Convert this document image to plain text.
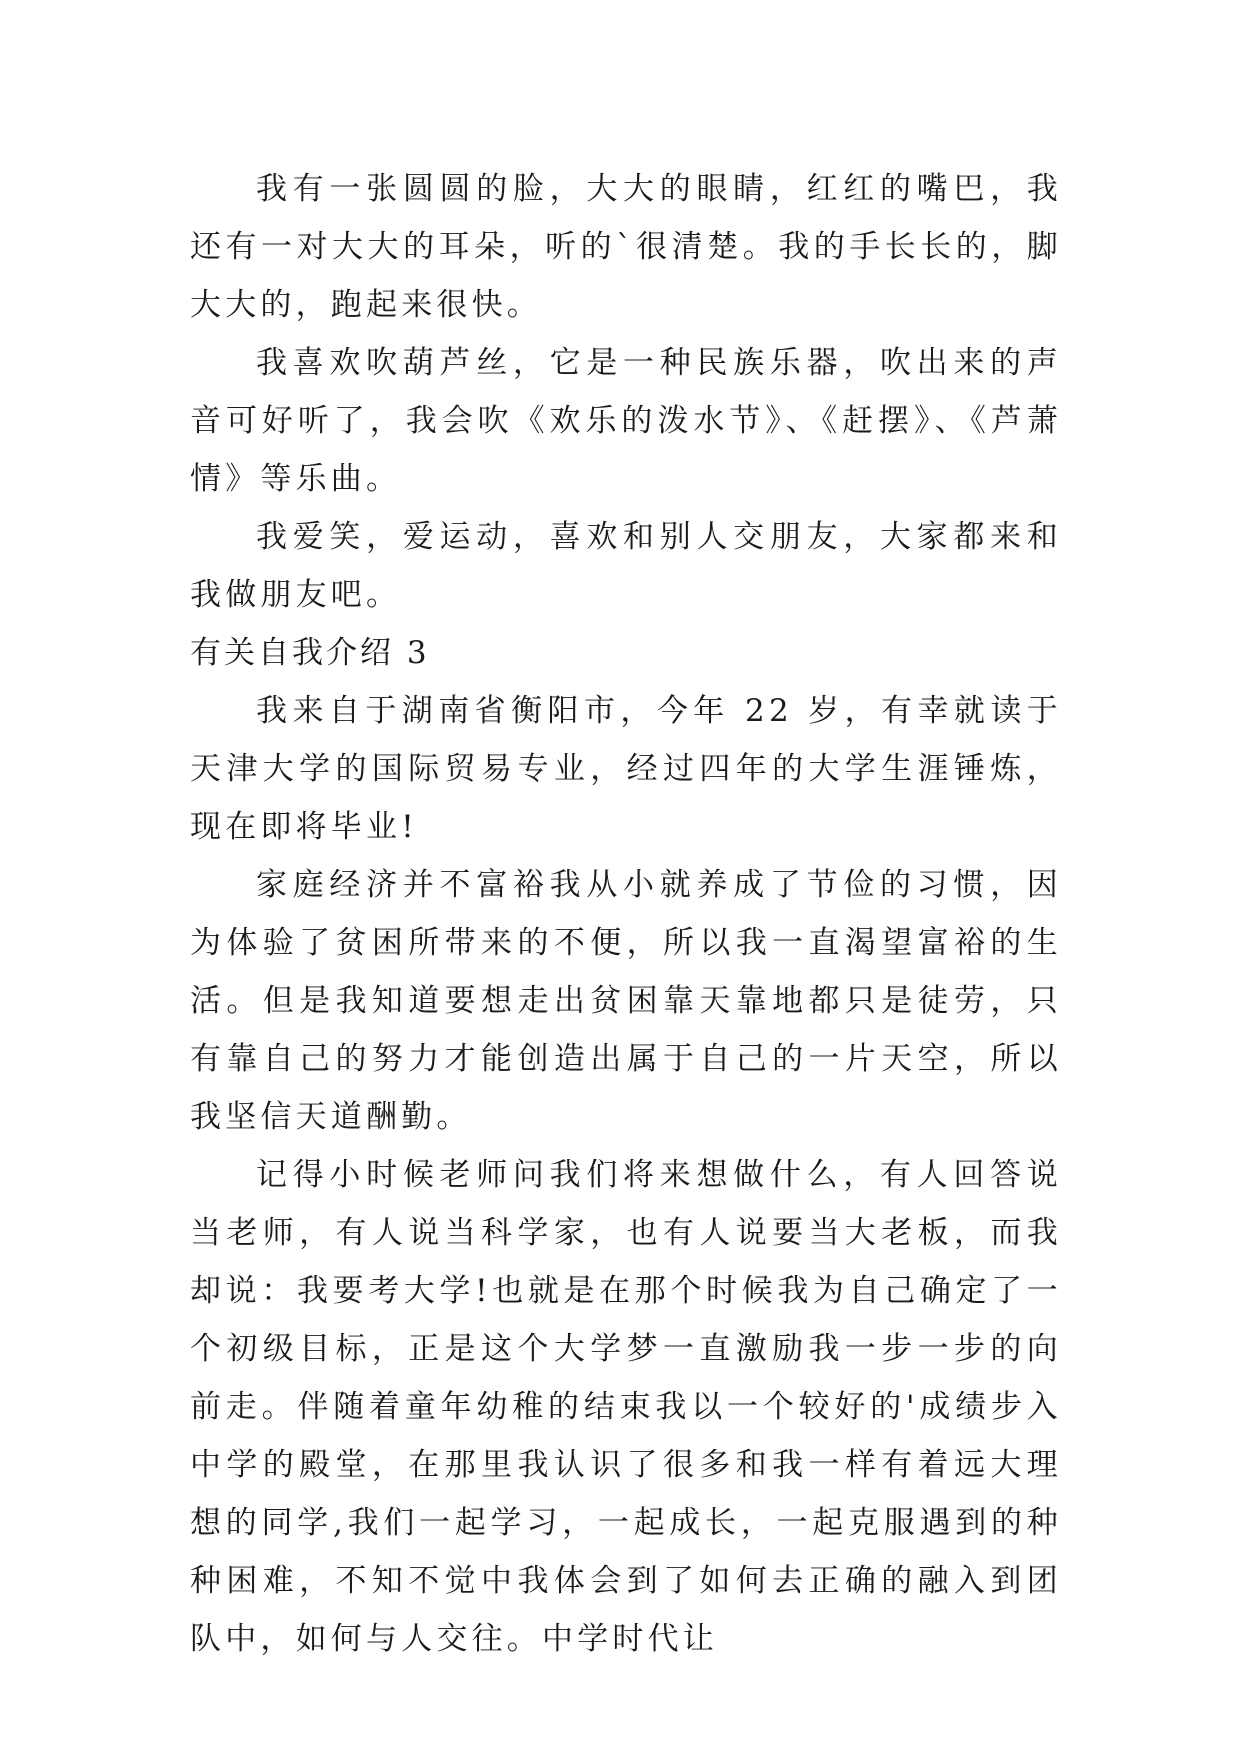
我有一张圆圆的脸，大大的眼睛，红红的嘴巴，我还有一对大大的耳朵，听的`很清楚。我的手长长的，脚大大的，跑起来很快。

我喜欢吹葫芦丝，它是一种民族乐器，吹出来的声音可好听了，我会吹《欢乐的泼水节》、《赶摆》、《芦萧情》等乐曲。

我爱笑，爱运动，喜欢和别人交朋友，大家都来和我做朋友吧。

有关自我介绍 3

我来自于湖南省衡阳市，今年 22 岁，有幸就读于天津大学的国际贸易专业，经过四年的大学生涯锤炼，现在即将毕业!

家庭经济并不富裕我从小就养成了节俭的习惯，因为体验了贫困所带来的不便，所以我一直渴望富裕的生活。但是我知道要想走出贫困靠天靠地都只是徒劳，只有靠自己的努力才能创造出属于自己的一片天空，所以我坚信天道酬勤。

记得小时候老师问我们将来想做什么，有人回答说当老师，有人说当科学家，也有人说要当大老板，而我却说：我要考大学!也就是在那个时候我为自己确定了一个初级目标，正是这个大学梦一直激励我一步一步的向前走。伴随着童年幼稚的结束我以一个较好的'成绩步入中学的殿堂，在那里我认识了很多和我一样有着远大理想的同学,我们一起学习，一起成长，一起克服遇到的种种困难，不知不觉中我体会到了如何去正确的融入到团队中，如何与人交往。中学时代让
